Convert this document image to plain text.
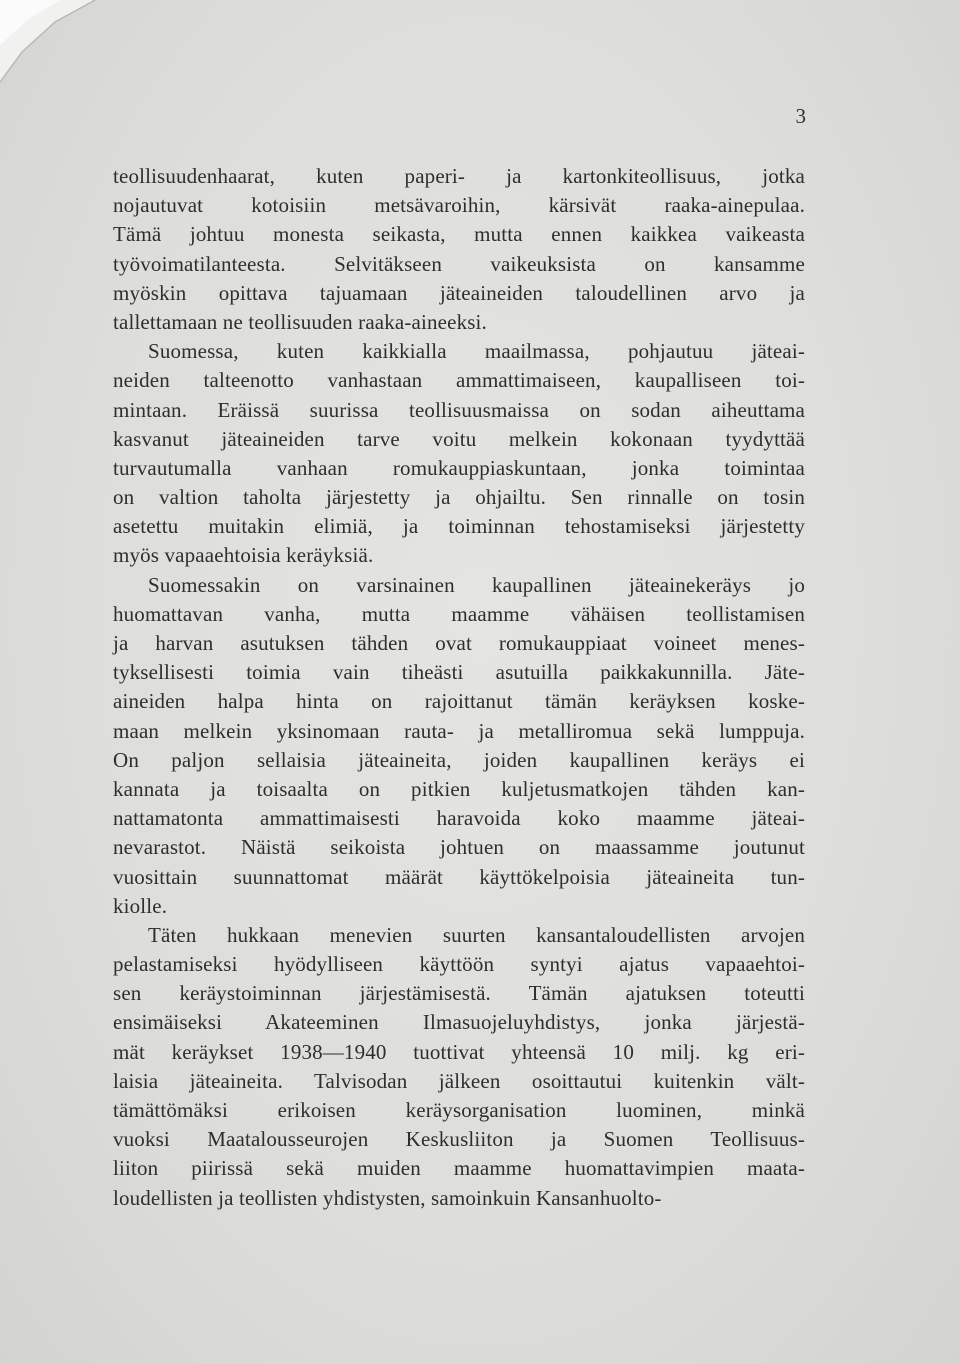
3
teollisuudenhaarat, kuten paperi- ja kartonkiteollisuus, jotka
nojautuvat kotoisiin metsävaroihin, kärsivät raaka-ainepulaa.
Tämä johtuu monesta seikasta, mutta ennen kaikkea vaikeasta
työvoimatilanteesta. Selvitäkseen vaikeuksista on kansamme
myöskin opittava tajuamaan jäteaineiden taloudellinen arvo ja
tallettamaan ne teollisuuden raaka-aineeksi.
Suomessa, kuten kaikkialla maailmassa, pohjautuu jäteai-
neiden talteenotto vanhastaan ammattimaiseen, kaupalliseen toi-
mintaan. Eräissä suurissa teollisuusmaissa on sodan aiheuttama
kasvanut jäteaineiden tarve voitu melkein kokonaan tyydyttää
turvautumalla vanhaan romukauppiaskuntaan, jonka toimintaa
on valtion taholta järjestetty ja ohjailtu. Sen rinnalle on tosin
asetettu muitakin elimiä, ja toiminnan tehostamiseksi järjestetty
myös vapaaehtoisia keräyksiä.
Suomessakin on varsinainen kaupallinen jäteainekeräys jo
huomattavan vanha, mutta maamme vähäisen teollistamisen
ja harvan asutuksen tähden ovat romukauppiaat voineet menes-
tyksellisesti toimia vain tiheästi asutuilla paikkakunnilla. Jäte-
aineiden halpa hinta on rajoittanut tämän keräyksen koske-
maan melkein yksinomaan rauta- ja metalliromua sekä lumppuja.
On paljon sellaisia jäteaineita, joiden kaupallinen keräys ei
kannata ja toisaalta on pitkien kuljetusmatkojen tähden kan-
nattamatonta ammattimaisesti haravoida koko maamme jäteai-
nevarastot. Näistä seikoista johtuen on maassamme joutunut
vuosittain suunnattomat määrät käyttökelpoisia jäteaineita tun-
kiolle.
Täten hukkaan menevien suurten kansantaloudellisten arvojen
pelastamiseksi hyödylliseen käyttöön syntyi ajatus vapaaehtoi-
sen keräystoiminnan järjestämisestä. Tämän ajatuksen toteutti
ensimäiseksi Akateeminen Ilmasuojeluyhdistys, jonka järjestä-
mät keräykset 1938—1940 tuottivat yhteensä 10 milj. kg eri-
laisia jäteaineita. Talvisodan jälkeen osoittautui kuitenkin vält-
tämättömäksi erikoisen keräysorganisation luominen, minkä
vuoksi Maatalousseurojen Keskusliiton ja Suomen Teollisuus-
liiton piirissä sekä muiden maamme huomattavimpien maata-
loudellisten ja teollisten yhdistysten, samoinkuin Kansanhuolto-
